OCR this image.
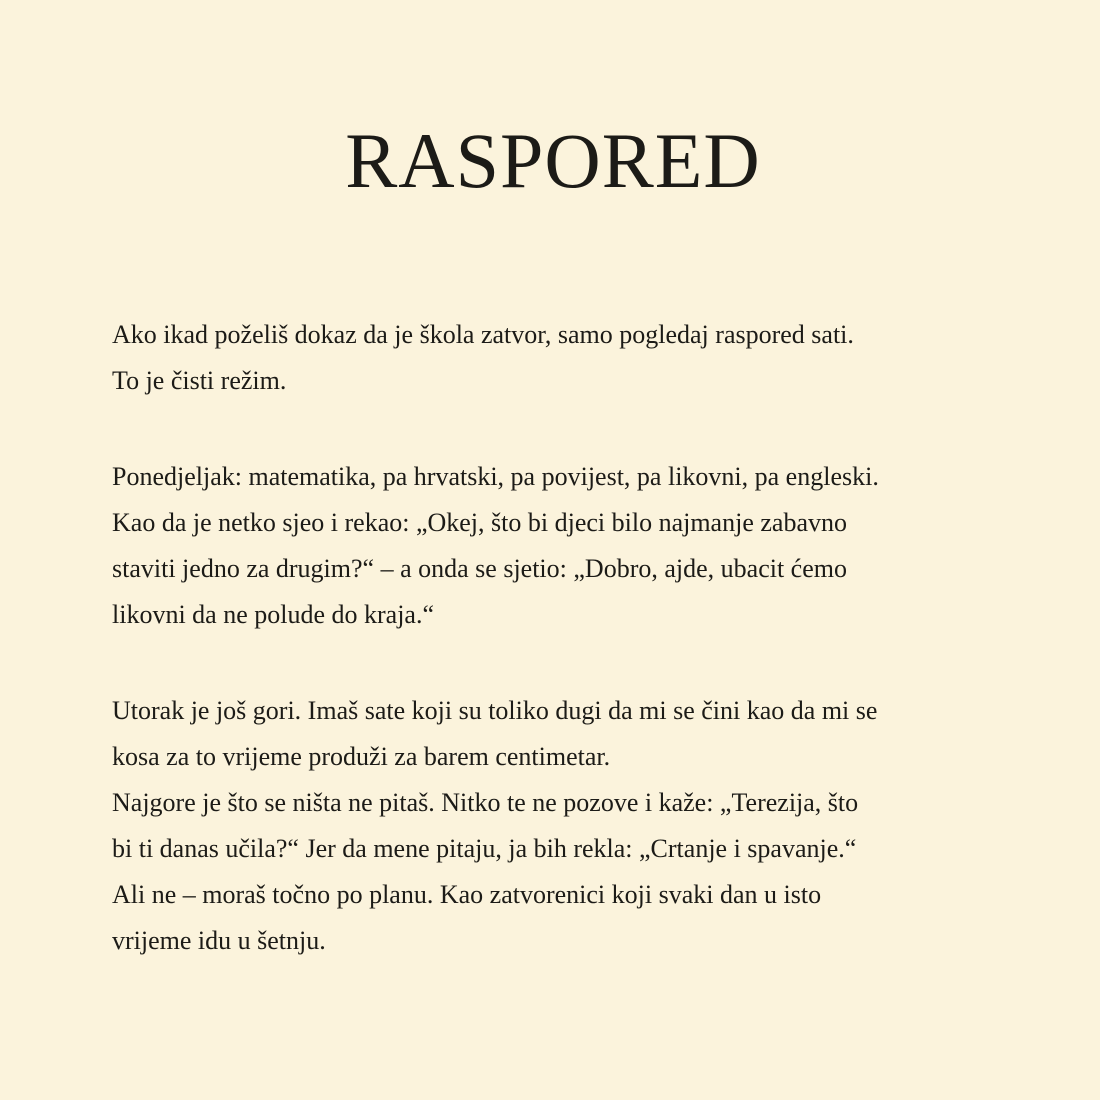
RASPORED
Ako ikad poželiš dokaz da je škola zatvor, samo pogledaj raspored sati.
To je čisti režim.
Ponedjeljak: matematika, pa hrvatski, pa povijest, pa likovni, pa engleski.
Kao da je netko sjeo i rekao: „Okej, što bi djeci bilo najmanje zabavno
staviti jedno za drugim?“ – a onda se sjetio: „Dobro, ajde, ubacit ćemo
likovni da ne polude do kraja.“
Utorak je još gori. Imaš sate koji su toliko dugi da mi se čini kao da mi se
kosa za to vrijeme produži za barem centimetar.
Najgore je što se ništa ne pitaš. Nitko te ne pozove i kaže: „Terezija, što
bi ti danas učila?“ Jer da mene pitaju, ja bih rekla: „Crtanje i spavanje.“
Ali ne – moraš točno po planu. Kao zatvorenici koji svaki dan u isto
vrijeme idu u šetnju.
